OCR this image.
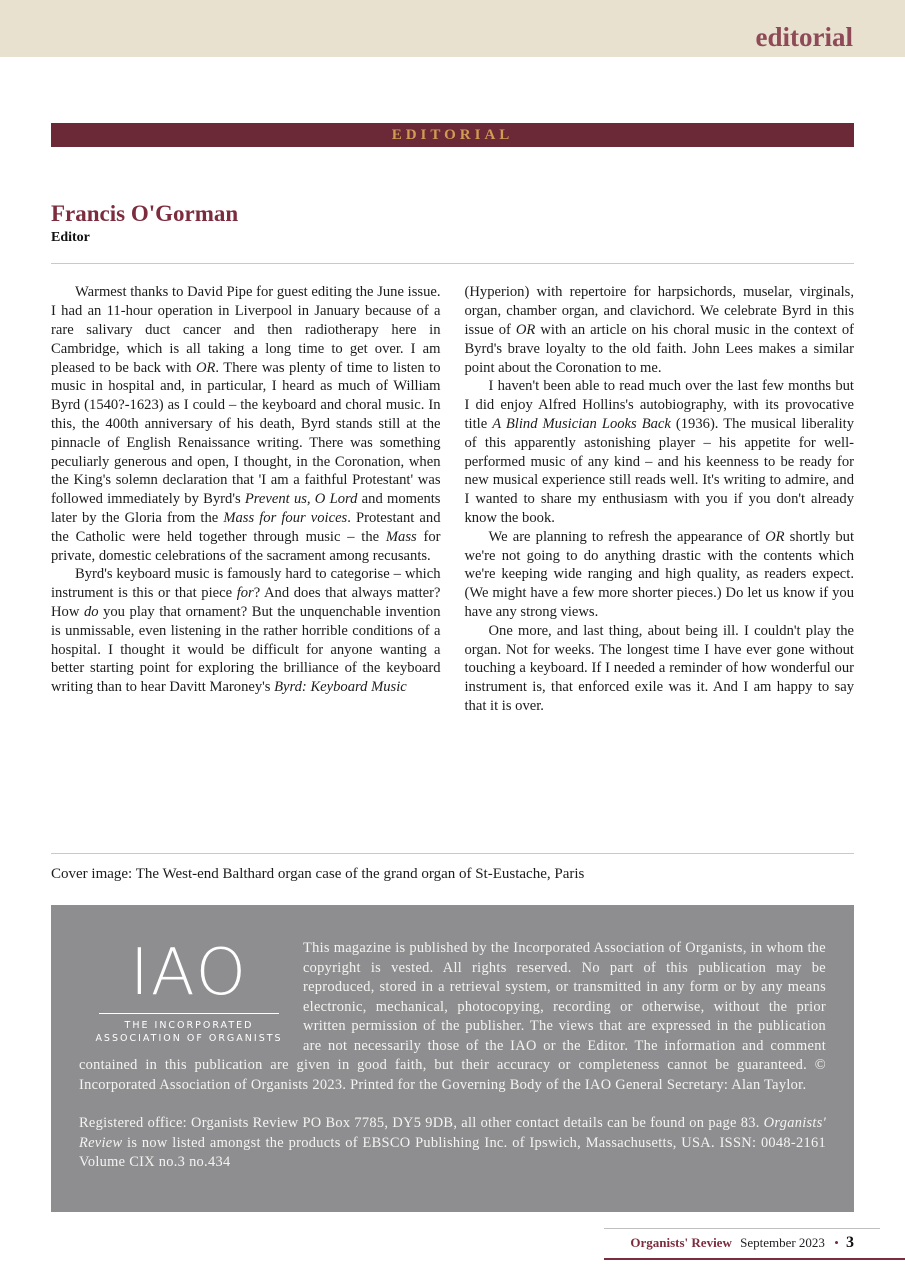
editorial
EDITORIAL
Francis O'Gorman
Editor

Warmest thanks to David Pipe for guest editing the June issue. I had an 11-hour operation in Liverpool in January because of a rare salivary duct cancer and then radiotherapy here in Cambridge, which is all taking a long time to get over. I am pleased to be back with OR. There was plenty of time to listen to music in hospital and, in particular, I heard as much of William Byrd (1540?-1623) as I could – the keyboard and choral music. In this, the 400th anniversary of his death, Byrd stands still at the pinnacle of English Renaissance writing. There was something peculiarly generous and open, I thought, in the Coronation, when the King's solemn declaration that 'I am a faithful Protestant' was followed immediately by Byrd's Prevent us, O Lord and moments later by the Gloria from the Mass for four voices. Protestant and the Catholic were held together through music – the Mass for private, domestic celebrations of the sacrament among recusants.

Byrd's keyboard music is famously hard to categorise – which instrument is this or that piece for? And does that always matter? How do you play that ornament? But the unquenchable invention is unmissable, even listening in the rather horrible conditions of a hospital. I thought it would be difficult for anyone wanting a better starting point for exploring the brilliance of the keyboard writing than to hear Davitt Maroney's Byrd: Keyboard Music

(Hyperion) with repertoire for harpsichords, muselar, virginals, organ, chamber organ, and clavichord. We celebrate Byrd in this issue of OR with an article on his choral music in the context of Byrd's brave loyalty to the old faith. John Lees makes a similar point about the Coronation to me.

I haven't been able to read much over the last few months but I did enjoy Alfred Hollins's autobiography, with its provocative title A Blind Musician Looks Back (1936). The musical liberality of this apparently astonishing player – his appetite for well-performed music of any kind – and his keenness to be ready for new musical experience still reads well. It's writing to admire, and I wanted to share my enthusiasm with you if you don't already know the book.

We are planning to refresh the appearance of OR shortly but we're not going to do anything drastic with the contents which we're keeping wide ranging and high quality, as readers expect. (We might have a few more shorter pieces.) Do let us know if you have any strong views.

One more, and last thing, about being ill. I couldn't play the organ. Not for weeks. The longest time I have ever gone without touching a keyboard. If I needed a reminder of how wonderful our instrument is, that enforced exile was it. And I am happy to say that it is over.

Cover image: The West-end Balthard organ case of the grand organ of St-Eustache, Paris
IAO
THE INCORPORATED
ASSOCIATION OF ORGANISTS

This magazine is published by the Incorporated Association of Organists, in whom the copyright is vested. All rights reserved. No part of this publication may be reproduced, stored in a retrieval system, or transmitted in any form or by any means electronic, mechanical, photocopying, recording or otherwise, without the prior written permission of the publisher. The views that are expressed in the publication are not necessarily those of the IAO or the Editor. The information and comment contained in this publication are given in good faith, but their accuracy or completeness cannot be guaranteed. © Incorporated Association of Organists 2023. Printed for the Governing Body of the IAO General Secretary: Alan Taylor.

Registered office: Organists Review PO Box 7785, DY5 9DB, all other contact details can be found on page 83. Organists' Review is now listed amongst the products of EBSCO Publishing Inc. of Ipswich, Massachusetts, USA. ISSN: 0048-2161 Volume CIX no.3 no.434

Organists' Review September 2023 • 3
